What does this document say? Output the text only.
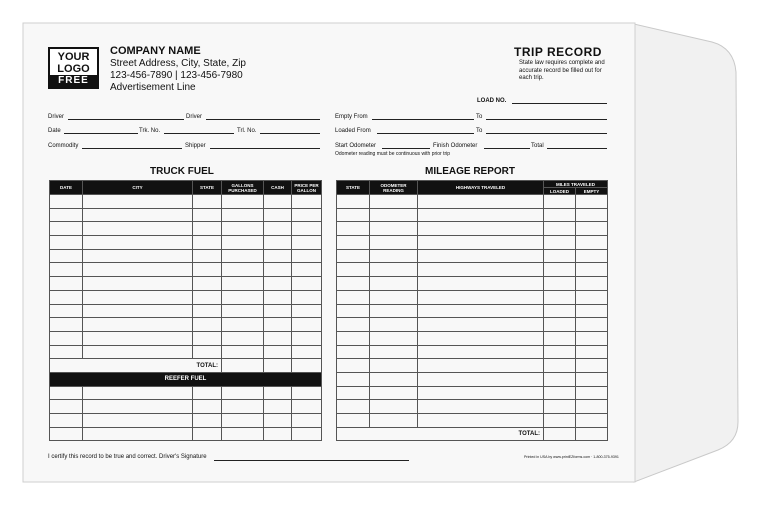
YOUR
LOGO
FREE
COMPANY NAME
Street Address, City, State, Zip
123-456-7890 | 123-456-7980
Advertisement Line
TRIP RECORD
State law requires complete and accurate record be filled out for each trip.
LOAD NO.
Driver	Driver
Date	Trk. No.	Trl. No.
Commodity	Shipper
Empty From	To
Loaded From	To
Start Odometer	Finish Odometer	Total
Odometer reading must be continuous with prior trip
TRUCK FUEL	MILEAGE REPORT
DATE	CITY	STATE	GALLONS PURCHASED	CASH	PRICE PER GALLON

TOTAL:					
REEFER FUEL					

STATE	ODOMETER READING	HIGHWAYS TRAVELED	MILES TRAVELED	
			LOADED	EMPTY

TOTAL:				
I certify this record to be true and correct. Driver's Signature	Printed in USA by www.printEZforms.com · 1-800-375-9391
